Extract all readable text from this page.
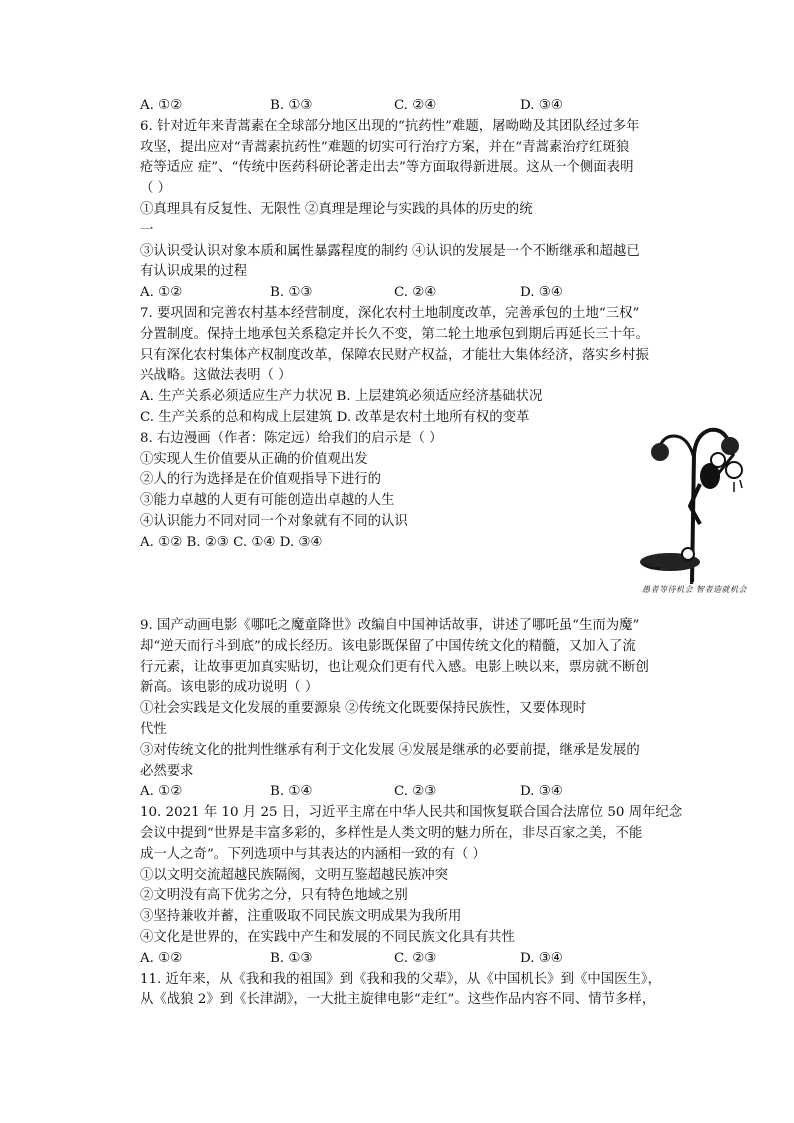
A. ①②	B. ①③	C. ②④	D. ③④
6. 针对近年来青蒿素在全球部分地区出现的“抗药性”难题，屠呦呦及其团队经过多年
攻坚，提出应对“青蒿素抗药性”难题的切实可行治疗方案，并在“青蒿素治疗红斑狼
疮等适应 症”、“传统中医药科研论著走出去”等方面取得新进展。这从一个侧面表明
（ ）
①真理具有反复性、无限性 ②真理是理论与实践的具体的历史的统
一
③认识受认识对象本质和属性暴露程度的制约 ④认识的发展是一个不断继承和超越已
有认识成果的过程
A. ①②	B. ①③	C. ②④	D. ③④
7. 要巩固和完善农村基本经营制度，深化农村土地制度改革，完善承包的土地“三权”
分置制度。保持土地承包关系稳定并长久不变，第二轮土地承包到期后再延长三十年。
只有深化农村集体产权制度改革，保障农民财产权益，才能壮大集体经济，落实乡村振
兴战略。这做法表明（ ）
A. 生产关系必须适应生产力状况 B. 上层建筑必须适应经济基础状况
C. 生产关系的总和构成上层建筑 D. 改革是农村土地所有权的变革
8. 右边漫画（作者：陈定远）给我们的启示是（ ）
①实现人生价值要从正确的价值观出发
②人的行为选择是在价值观指导下进行的
③能力卓越的人更有可能创造出卓越的人生
④认识能力不同对同一个对象就有不同的认识
A. ①② B. ②③ C. ①④ D. ③④
9. 国产动画电影《哪吒之魔童降世》改编自中国神话故事，讲述了哪吒虽“生而为魔”
却“逆天而行斗到底”的成长经历。该电影既保留了中国传统文化的精髓，又加入了流
行元素，让故事更加真实贴切，也让观众们更有代入感。电影上映以来，票房就不断创
新高。该电影的成功说明（ ）
①社会实践是文化发展的重要源泉 ②传统文化既要保持民族性，又要体现时
代性
③对传统文化的批判性继承有利于文化发展 ④发展是继承的必要前提，继承是发展的
必然要求
A. ①②	B. ①④	C. ②③	D. ③④
10. 2021 年 10 月 25 日，习近平主席在中华人民共和国恢复联合国合法席位 50 周年纪念
会议中提到“世界是丰富多彩的，多样性是人类文明的魅力所在，非尽百家之美，不能
成一人之奇”。下列选项中与其表达的内涵相一致的有（ ）
①以文明交流超越民族隔阂，文明互鉴超越民族冲突
②文明没有高下优劣之分，只有特色地域之别
③坚持兼收并蓄，注重吸取不同民族文明成果为我所用
④文化是世界的，在实践中产生和发展的不同民族文化具有共性
A. ①②	B. ①③	C. ②③	D. ③④
11. 近年来，从《我和我的祖国》到《我和我的父辈》，从《中国机长》到《中国医生》，
从《战狼 2》到《长津湖》，一大批主旋律电影“走红”。这些作品内容不同、情节多样，
愚者等待机会 智者造就机会
